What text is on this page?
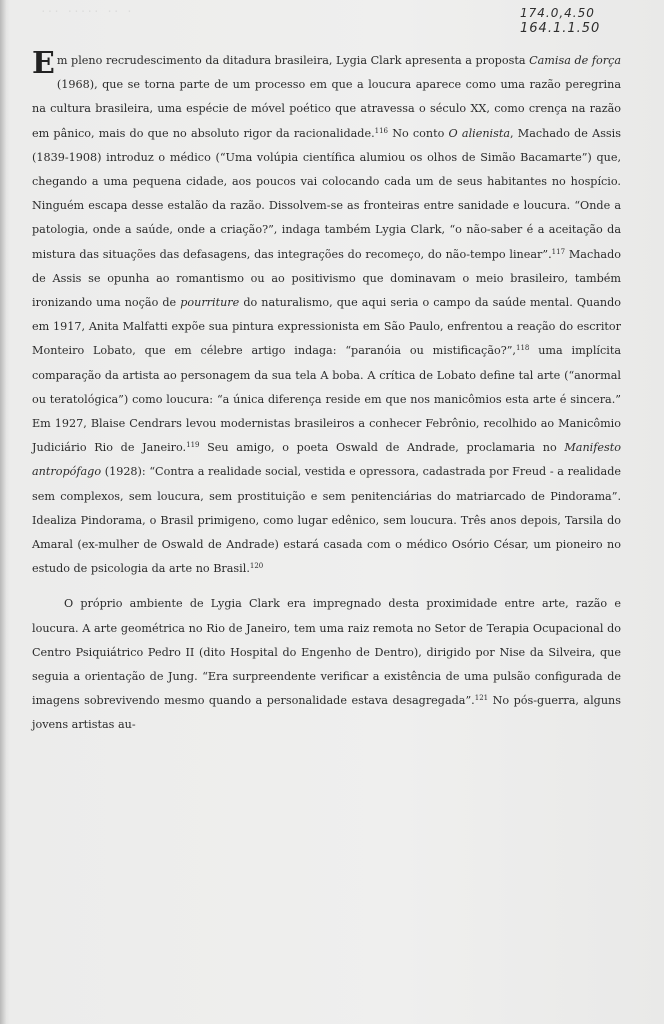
··· ····· ·· ·	174.0,4.50
164.1.1.50

Em pleno recrudescimento da ditadura brasileira, Lygia Clark apresenta a proposta Camisa de força (1968), que se torna parte de um processo em que a loucura aparece como uma razão peregrina na cultura brasileira, uma espécie de móvel poético que atravessa o século XX, como crença na razão em pânico, mais do que no absoluto rigor da racionalidade.$^{116}$ No conto O alienista, Machado de Assis (1839-1908) introduz o médico (“Uma volúpia científica alumiou os olhos de Simão Bacamarte”) que, chegando a uma pequena cidade, aos poucos vai colocando cada um de seus habitantes no hospício. Ninguém escapa desse estalão da razão. Dissolvem-se as fronteiras entre sanidade e loucura. “Onde a patologia, onde a saúde, onde a criação?”, indaga também Lygia Clark, “o não-saber é a aceitação da mistura das situações das defasagens, das integrações do recomeço, do não-tempo linear”.$^{117}$ Machado de Assis se opunha ao romantismo ou ao positivismo que dominavam o meio brasileiro, também ironizando uma noção de pourriture do naturalismo, que aqui seria o campo da saúde mental. Quando em 1917, Anita Malfatti expõe sua pintura expressionista em São Paulo, enfrentou a reação do escritor Monteiro Lobato, que em célebre artigo indaga: “paranóia ou mistificação?”,$^{118}$ uma implícita comparação da artista ao personagem da sua tela A boba. A crítica de Lobato define tal arte (“anormal ou teratológica”) como loucura: “a única diferença reside em que nos manicômios esta arte é sincera.” Em 1927, Blaise Cendrars levou modernistas brasileiros a conhecer Febrônio, recolhido ao Manicômio Judiciário Rio de Janeiro.$^{119}$ Seu amigo, o poeta Oswald de Andrade, proclamaria no Manifesto antropófago (1928): “Contra a realidade social, vestida e opressora, cadastrada por Freud - a realidade sem complexos, sem loucura, sem prostituição e sem penitenciárias do matriarcado de Pindorama”. Idealiza Pindorama, o Brasil primigeno, como lugar edênico, sem loucura. Três anos depois, Tarsila do Amaral (ex-mulher de Oswald de Andrade) estará casada com o médico Osório César, um pioneiro no estudo de psicologia da arte no Brasil.$^{120}$

O próprio ambiente de Lygia Clark era impregnado desta proximidade entre arte, razão e loucura. A arte geométrica no Rio de Janeiro, tem uma raiz remota no Setor de Terapia Ocupacional do Centro Psiquiátrico Pedro II (dito Hospital do Engenho de Dentro), dirigido por Nise da Silveira, que seguia a orientação de Jung. “Era surpreendente verificar a existência de uma pulsão configurada de imagens sobrevivendo mesmo quando a personalidade estava desagregada”.$^{121}$ No pós-guerra, alguns jovens artistas au-
